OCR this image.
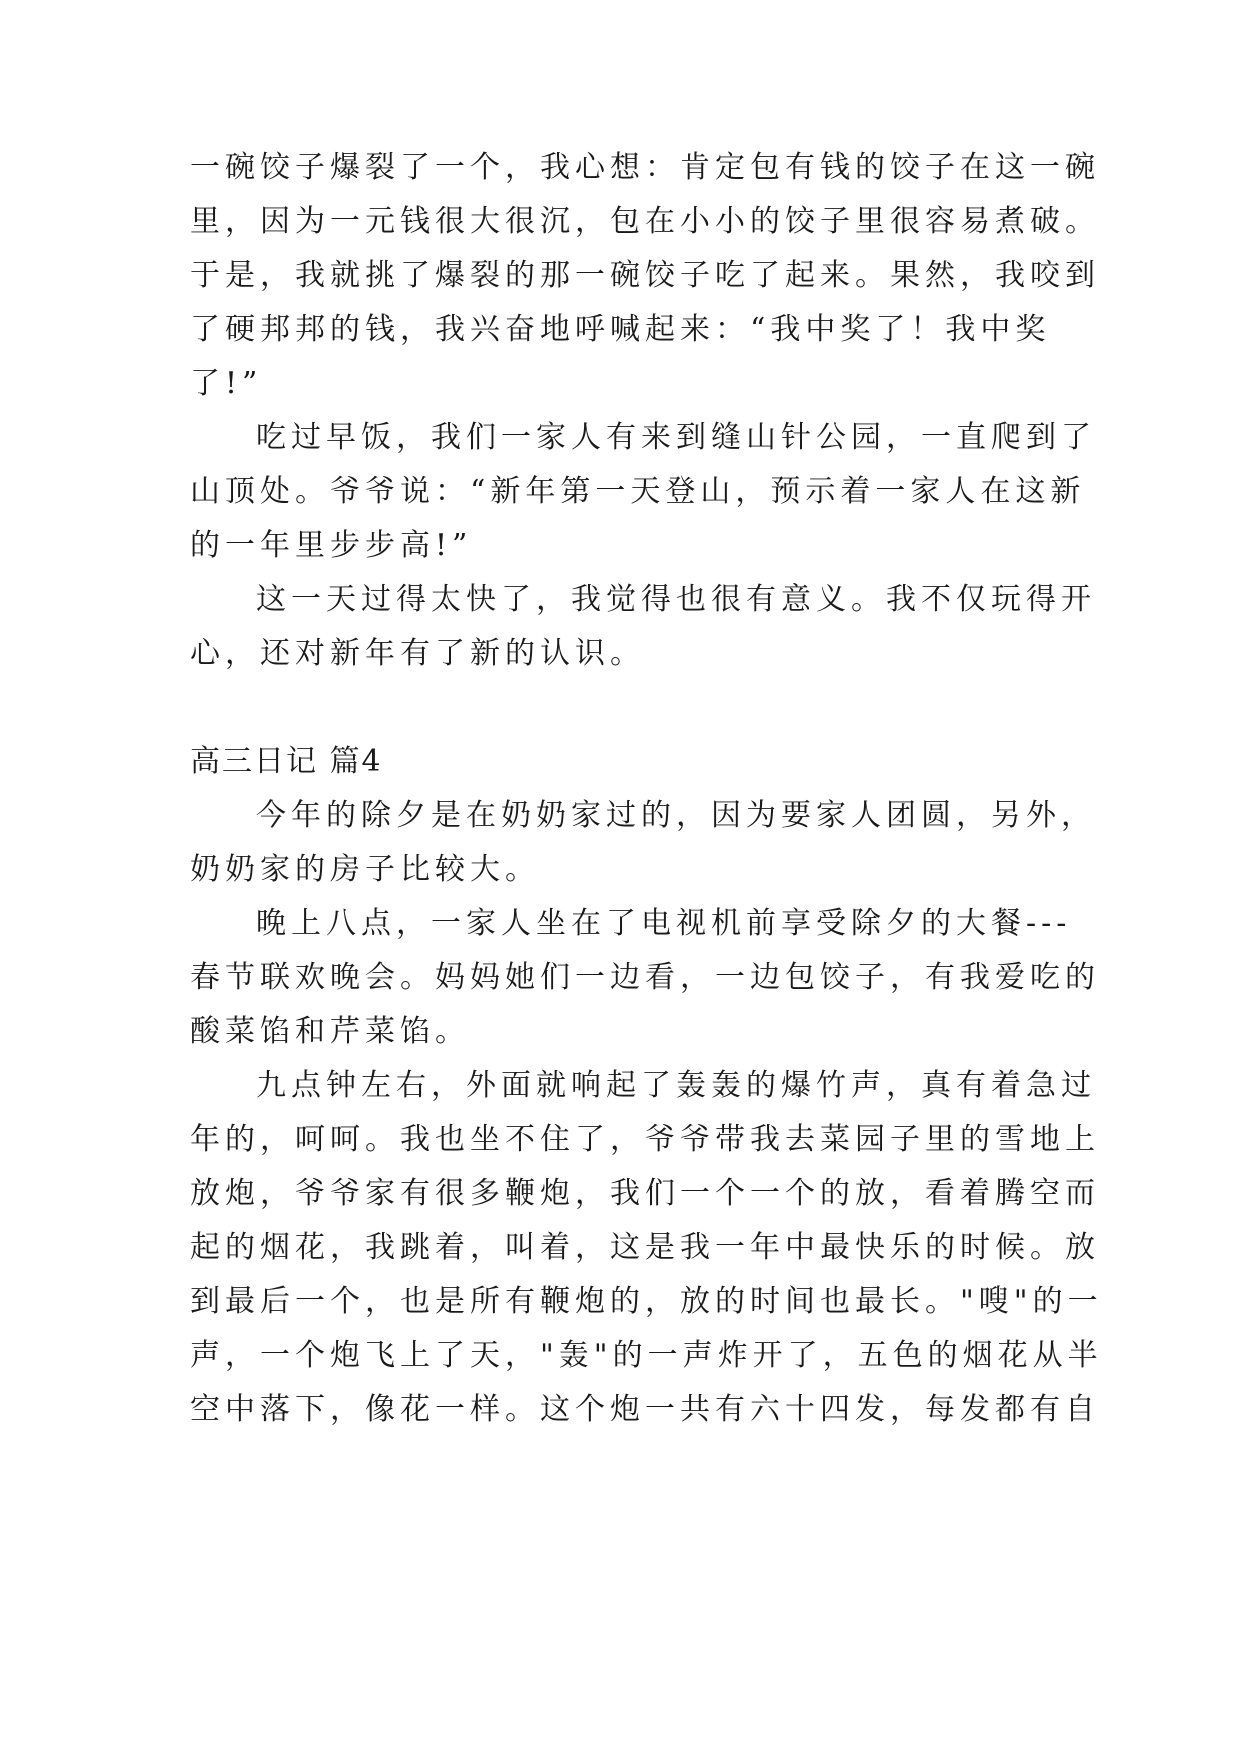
一碗饺子爆裂了一个，我心想：肯定包有钱的饺子在这一碗
里，因为一元钱很大很沉，包在小小的饺子里很容易煮破。
于是，我就挑了爆裂的那一碗饺子吃了起来。果然，我咬到
了硬邦邦的钱，我兴奋地呼喊起来：“我中奖了！我中奖
了!”
吃过早饭，我们一家人有来到缝山针公园，一直爬到了
山顶处。爷爷说：“新年第一天登山，预示着一家人在这新
的一年里步步高!”
这一天过得太快了，我觉得也很有意义。我不仅玩得开
心，还对新年有了新的认识。
高三日记 篇4
今年的除夕是在奶奶家过的，因为要家人团圆，另外，
奶奶家的房子比较大。
晚上八点，一家人坐在了电视机前享受除夕的大餐---
春节联欢晚会。妈妈她们一边看，一边包饺子，有我爱吃的
酸菜馅和芹菜馅。
九点钟左右，外面就响起了轰轰的爆竹声，真有着急过
年的，呵呵。我也坐不住了，爷爷带我去菜园子里的雪地上
放炮，爷爷家有很多鞭炮，我们一个一个的放，看着腾空而
起的烟花，我跳着，叫着，这是我一年中最快乐的时候。放
到最后一个，也是所有鞭炮的，放的时间也最长。"嗖"的一
声，一个炮飞上了天，"轰"的一声炸开了，五色的烟花从半
空中落下，像花一样。这个炮一共有六十四发，每发都有自
